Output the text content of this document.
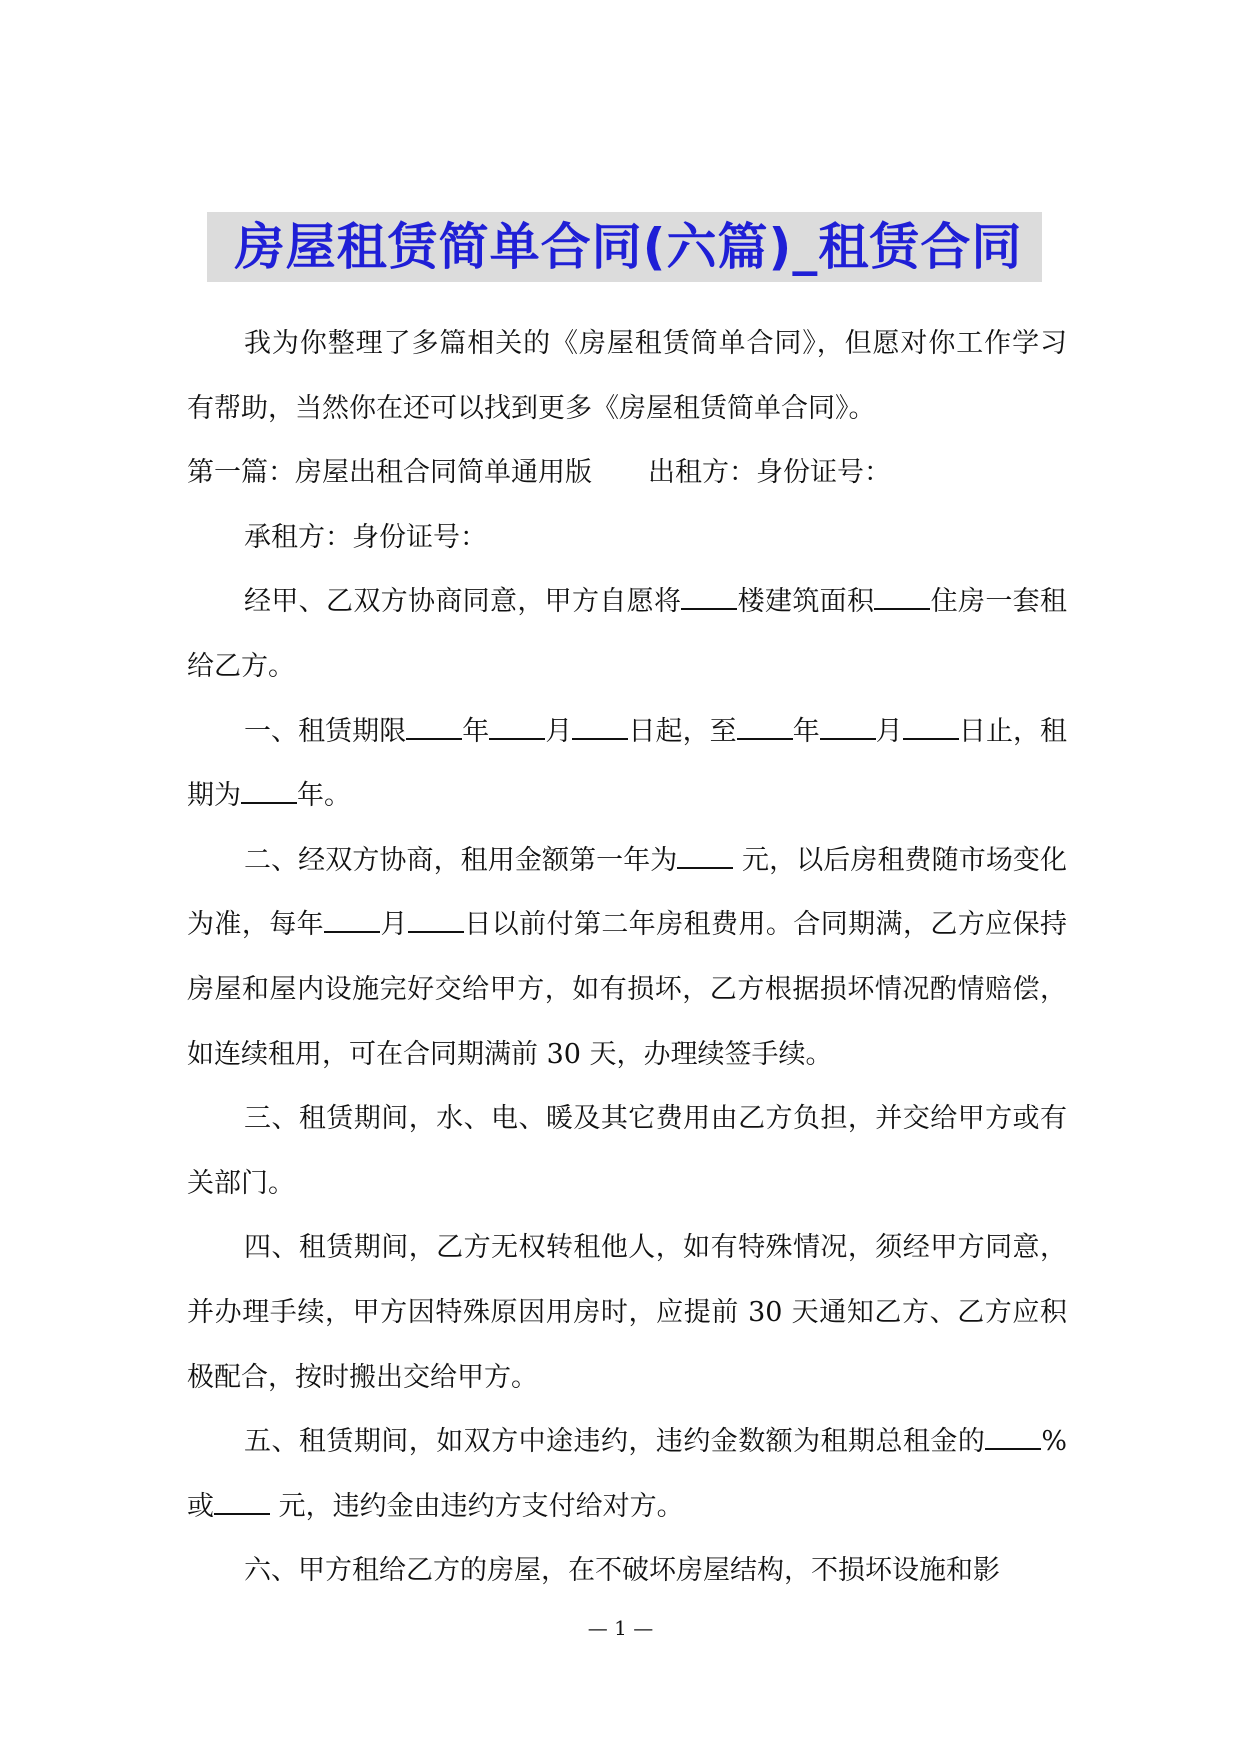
房屋租赁简单合同(六篇)_租赁合同

我为你整理了多篇相关的《房屋租赁简单合同》，但愿对你工作学习有帮助，当然你在还可以找到更多《房屋租赁简单合同》。

第一篇：房屋出租合同简单通用版 出租方：身份证号：

承租方：身份证号：

经甲、乙双方协商同意，甲方自愿将 楼建筑面积 住房一套租给乙方。

一、租赁期限 年 月 日起，至 年 月 日止，租期为 年。

二、经双方协商，租用金额第一年为 元，以后房租费随市场变化为准，每年 月 日以前付第二年房租费用。合同期满，乙方应保持房屋和屋内设施完好交给甲方，如有损坏，乙方根据损坏情况酌情赔偿，如连续租用，可在合同期满前 30 天，办理续签手续。

三、租赁期间，水、电、暖及其它费用由乙方负担，并交给甲方或有关部门。

四、租赁期间，乙方无权转租他人，如有特殊情况，须经甲方同意，并办理手续，甲方因特殊原因用房时，应提前 30 天通知乙方、乙方应积极配合，按时搬出交给甲方。

五、租赁期间，如双方中途违约，违约金数额为租期总租金的 %或 元，违约金由违约方支付给对方。

六、甲方租给乙方的房屋，在不破坏房屋结构，不损坏设施和影

— 1 —
